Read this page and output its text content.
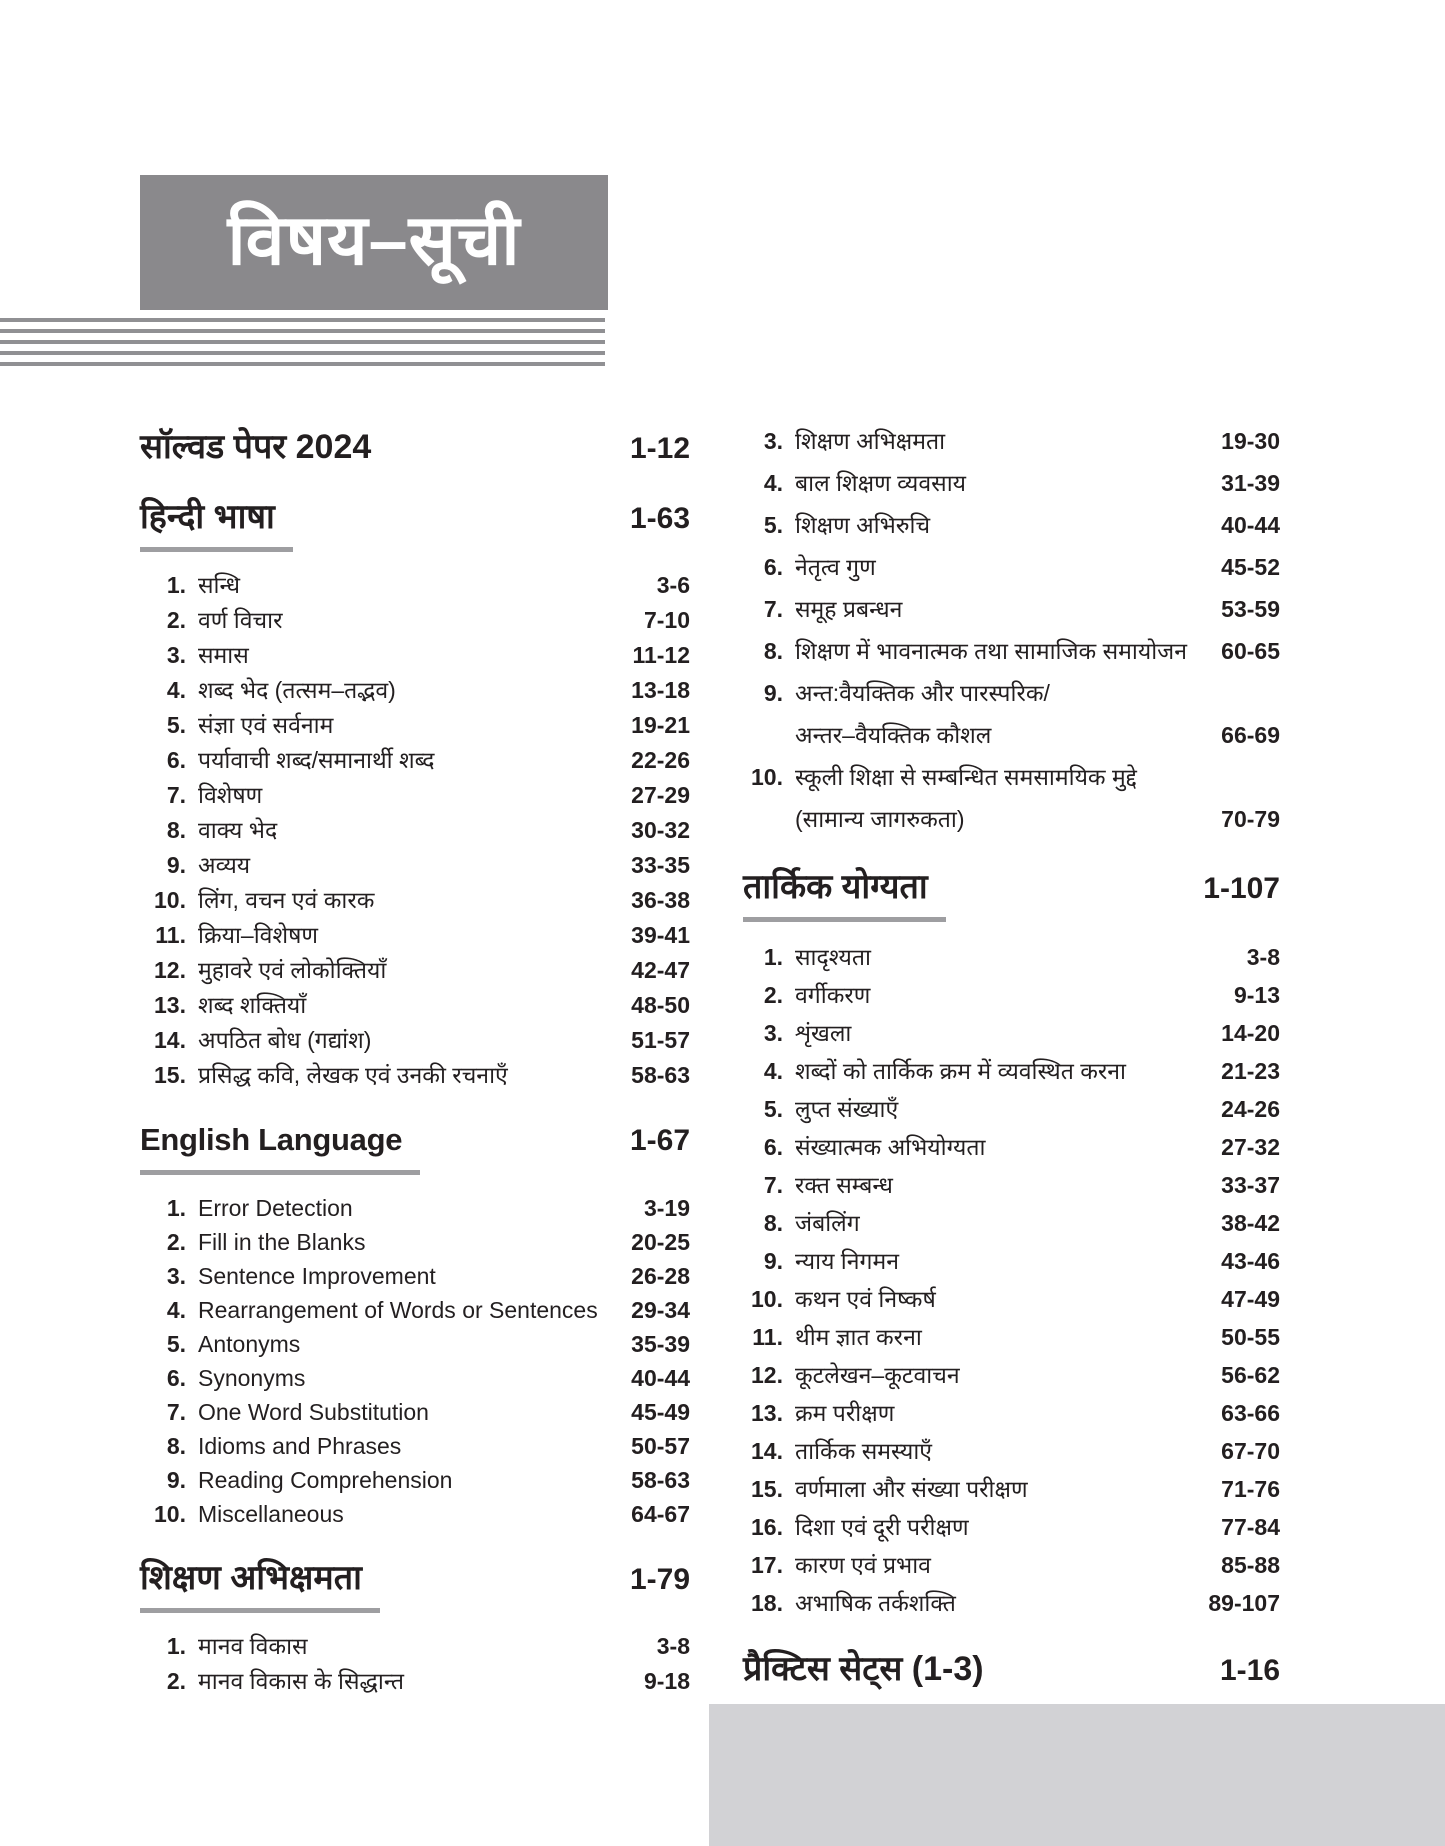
विषय–सूची
सॉल्वड पेपर 2024	1-12
हिन्दी भाषा	1-63
1. सन्धि	3-6
2. वर्ण विचार	7-10
3. समास	11-12
4. शब्द भेद (तत्सम–तद्भव)	13-18
5. संज्ञा एवं सर्वनाम	19-21
6. पर्यावाची शब्द/समानार्थी शब्द	22-26
7. विशेषण	27-29
8. वाक्य भेद	30-32
9. अव्यय	33-35
10. लिंग, वचन एवं कारक	36-38
11. क्रिया–विशेषण	39-41
12. मुहावरे एवं लोकोक्तियाँ	42-47
13. शब्द शक्तियाँ	48-50
14. अपठित बोध (गद्यांश)	51-57
15. प्रसिद्ध कवि, लेखक एवं उनकी रचनाएँ	58-63
English Language	1-67
1. Error Detection	3-19
2. Fill in the Blanks	20-25
3. Sentence Improvement	26-28
4. Rearrangement of Words or Sentences	29-34
5. Antonyms	35-39
6. Synonyms	40-44
7. One Word Substitution	45-49
8. Idioms and Phrases	50-57
9. Reading Comprehension	58-63
10. Miscellaneous	64-67
शिक्षण अभिक्षमता	1-79
1. मानव विकास	3-8
2. मानव विकास के सिद्धान्त	9-18
3. शिक्षण अभिक्षमता	19-30
4. बाल शिक्षण व्यवसाय	31-39
5. शिक्षण अभिरुचि	40-44
6. नेतृत्व गुण	45-52
7. समूह प्रबन्धन	53-59
8. शिक्षण में भावनात्मक तथा सामाजिक समायोजन	60-65
9. अन्त:वैयक्तिक और पारस्परिक/
अन्तर–वैयक्तिक कौशल	66-69
10. स्कूली शिक्षा से सम्बन्धित समसामयिक मुद्दे
(सामान्य जागरुकता)	70-79
तार्किक योग्यता	1-107
1. सादृश्यता	3-8
2. वर्गीकरण	9-13
3. शृंखला	14-20
4. शब्दों को तार्किक क्रम में व्यवस्थित करना	21-23
5. लुप्त संख्याएँ	24-26
6. संख्यात्मक अभियोग्यता	27-32
7. रक्त सम्बन्ध	33-37
8. जंबलिंग	38-42
9. न्याय निगमन	43-46
10. कथन एवं निष्कर्ष	47-49
11. थीम ज्ञात करना	50-55
12. कूटलेखन–कूटवाचन	56-62
13. क्रम परीक्षण	63-66
14. तार्किक समस्याएँ	67-70
15. वर्णमाला और संख्या परीक्षण	71-76
16. दिशा एवं दूरी परीक्षण	77-84
17. कारण एवं प्रभाव	85-88
18. अभाषिक तर्कशक्ति	89-107
प्रैक्टिस सेट्स (1-3)	1-16
